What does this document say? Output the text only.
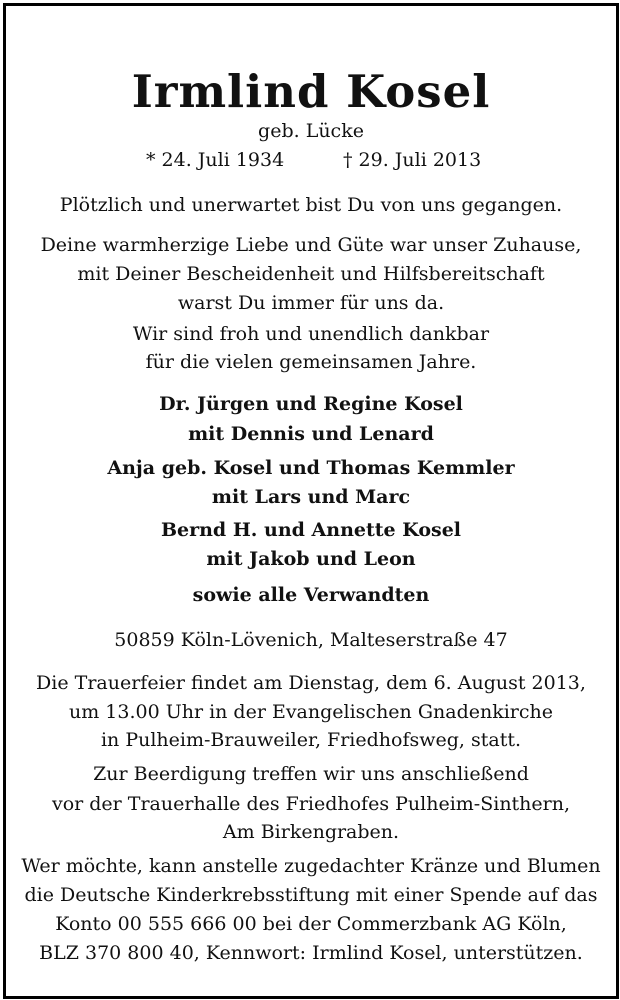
Irmlind Kosel
geb. Lücke
* 24. Juli 1934	† 29. Juli 2013
Plötzlich und unerwartet bist Du von uns gegangen.
Deine warmherzige Liebe und Güte war unser Zuhause,
mit Deiner Bescheidenheit und Hilfsbereitschaft
warst Du immer für uns da.
Wir sind froh und unendlich dankbar
für die vielen gemeinsamen Jahre.
Dr. Jürgen und Regine Kosel
mit Dennis und Lenard
Anja geb. Kosel und Thomas Kemmler
mit Lars und Marc
Bernd H. und Annette Kosel
mit Jakob und Leon
sowie alle Verwandten
50859 Köln-Lövenich, Malteserstraße 47
Die Trauerfeier findet am Dienstag, dem 6. August 2013,
um 13.00 Uhr in der Evangelischen Gnadenkirche
in Pulheim-Brauweiler, Friedhofsweg, statt.
Zur Beerdigung treffen wir uns anschließend
vor der Trauerhalle des Friedhofes Pulheim-Sinthern,
Am Birkengraben.
Wer möchte, kann anstelle zugedachter Kränze und Blumen
die Deutsche Kinderkrebsstiftung mit einer Spende auf das
Konto 00 555 666 00 bei der Commerzbank AG Köln,
BLZ 370 800 40, Kennwort: Irmlind Kosel, unterstützen.
